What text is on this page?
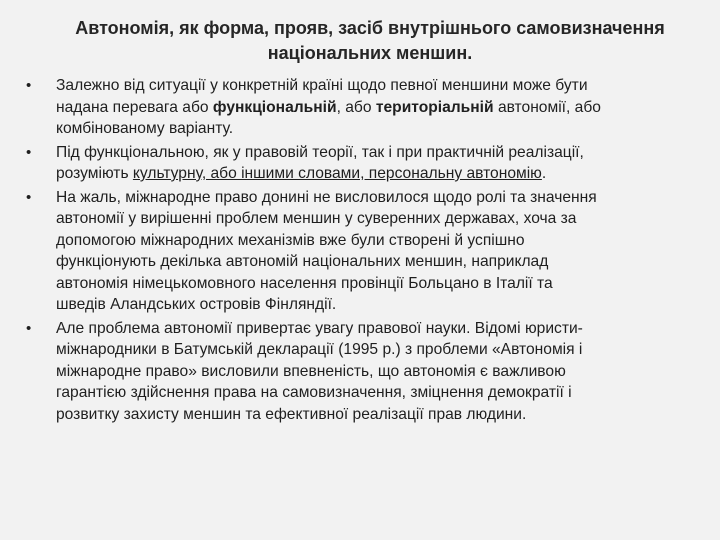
Автономія, як форма, прояв, засіб внутрішнього самовизначення
національних меншин.
•	Залежно від ситуації у конкретній країні щодо певної меншини може бути
надана перевага або функціональній, або територіальній автономії, або
комбінованому варіанту.
•	Під функціональною, як у правовій теорії, так і при практичній реалізації,
розуміють культурну, або іншими словами, персональну автономію.
•	На жаль, міжнародне право донині не висловилося щодо ролі та значення
автономії у вирішенні проблем меншин у суверенних державах, хоча за
допомогою міжнародних механізмів вже були створені й успішно
функціонують декілька автономій національних меншин, наприклад
автономія німецькомовного населення провінції Больцано в Італії та
шведів Аландських островів Фінляндії.
•	Але проблема автономії привертає увагу правової науки. Відомі юристи-
міжнародники в Батумській декларації (1995 р.) з проблеми «Автономія і
міжнародне право» висловили впевненість, що автономія є важливою
гарантією здійснення права на самовизначення, зміцнення демократії і
розвитку захисту меншин та ефективної реалізації прав людини.
